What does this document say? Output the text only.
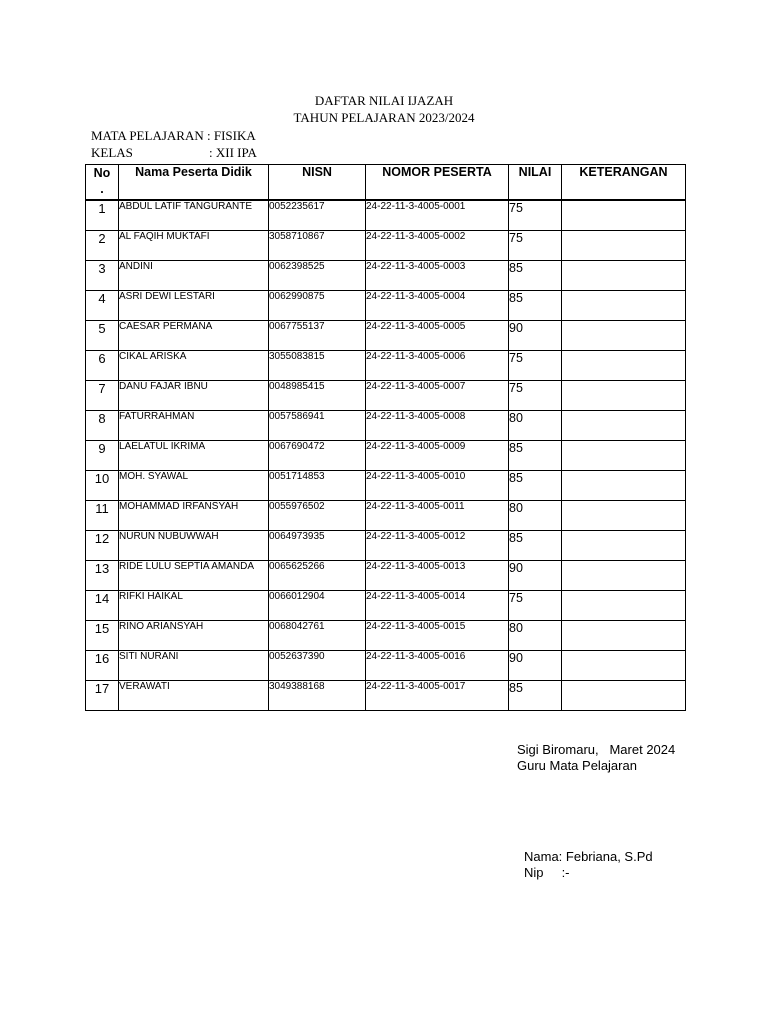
DAFTAR NILAI IJAZAH
TAHUN PELAJARAN 2023/2024
MATA PELAJARAN : FISIKA
KELAS	: XII IPA
No
.	Nama Peserta Didik	NISN	NOMOR PESERTA	NILAI	KETERANGAN
1	ABDUL LATIF TANGURANTE	0052235617	24-22-11-3-4005-0001	75	
2	AL FAQIH MUKTAFI	3058710867	24-22-11-3-4005-0002	75	
3	ANDINI	0062398525	24-22-11-3-4005-0003	85	
4	ASRI DEWI LESTARI	0062990875	24-22-11-3-4005-0004	85	
5	CAESAR PERMANA	0067755137	24-22-11-3-4005-0005	90	
6	CIKAL ARISKA	3055083815	24-22-11-3-4005-0006	75	
7	DANU FAJAR IBNU	0048985415	24-22-11-3-4005-0007	75	
8	FATURRAHMAN	0057586941	24-22-11-3-4005-0008	80	
9	LAELATUL IKRIMA	0067690472	24-22-11-3-4005-0009	85	
10	MOH. SYAWAL	0051714853	24-22-11-3-4005-0010	85	
11	MOHAMMAD IRFANSYAH	0055976502	24-22-11-3-4005-0011	80	
12	NURUN NUBUWWAH	0064973935	24-22-11-3-4005-0012	85	
13	RIDE LULU SEPTIA AMANDA	0065625266	24-22-11-3-4005-0013	90	
14	RIFKI HAIKAL	0066012904	24-22-11-3-4005-0014	75	
15	RINO ARIANSYAH	0068042761	24-22-11-3-4005-0015	80	
16	SITI NURANI	0052637390	24-22-11-3-4005-0016	90	
17	VERAWATI	3049388168	24-22-11-3-4005-0017	85	
Sigi Biromaru,   Maret 2024
Guru Mata Pelajaran
Nama: Febriana, S.Pd
Nip     :-
